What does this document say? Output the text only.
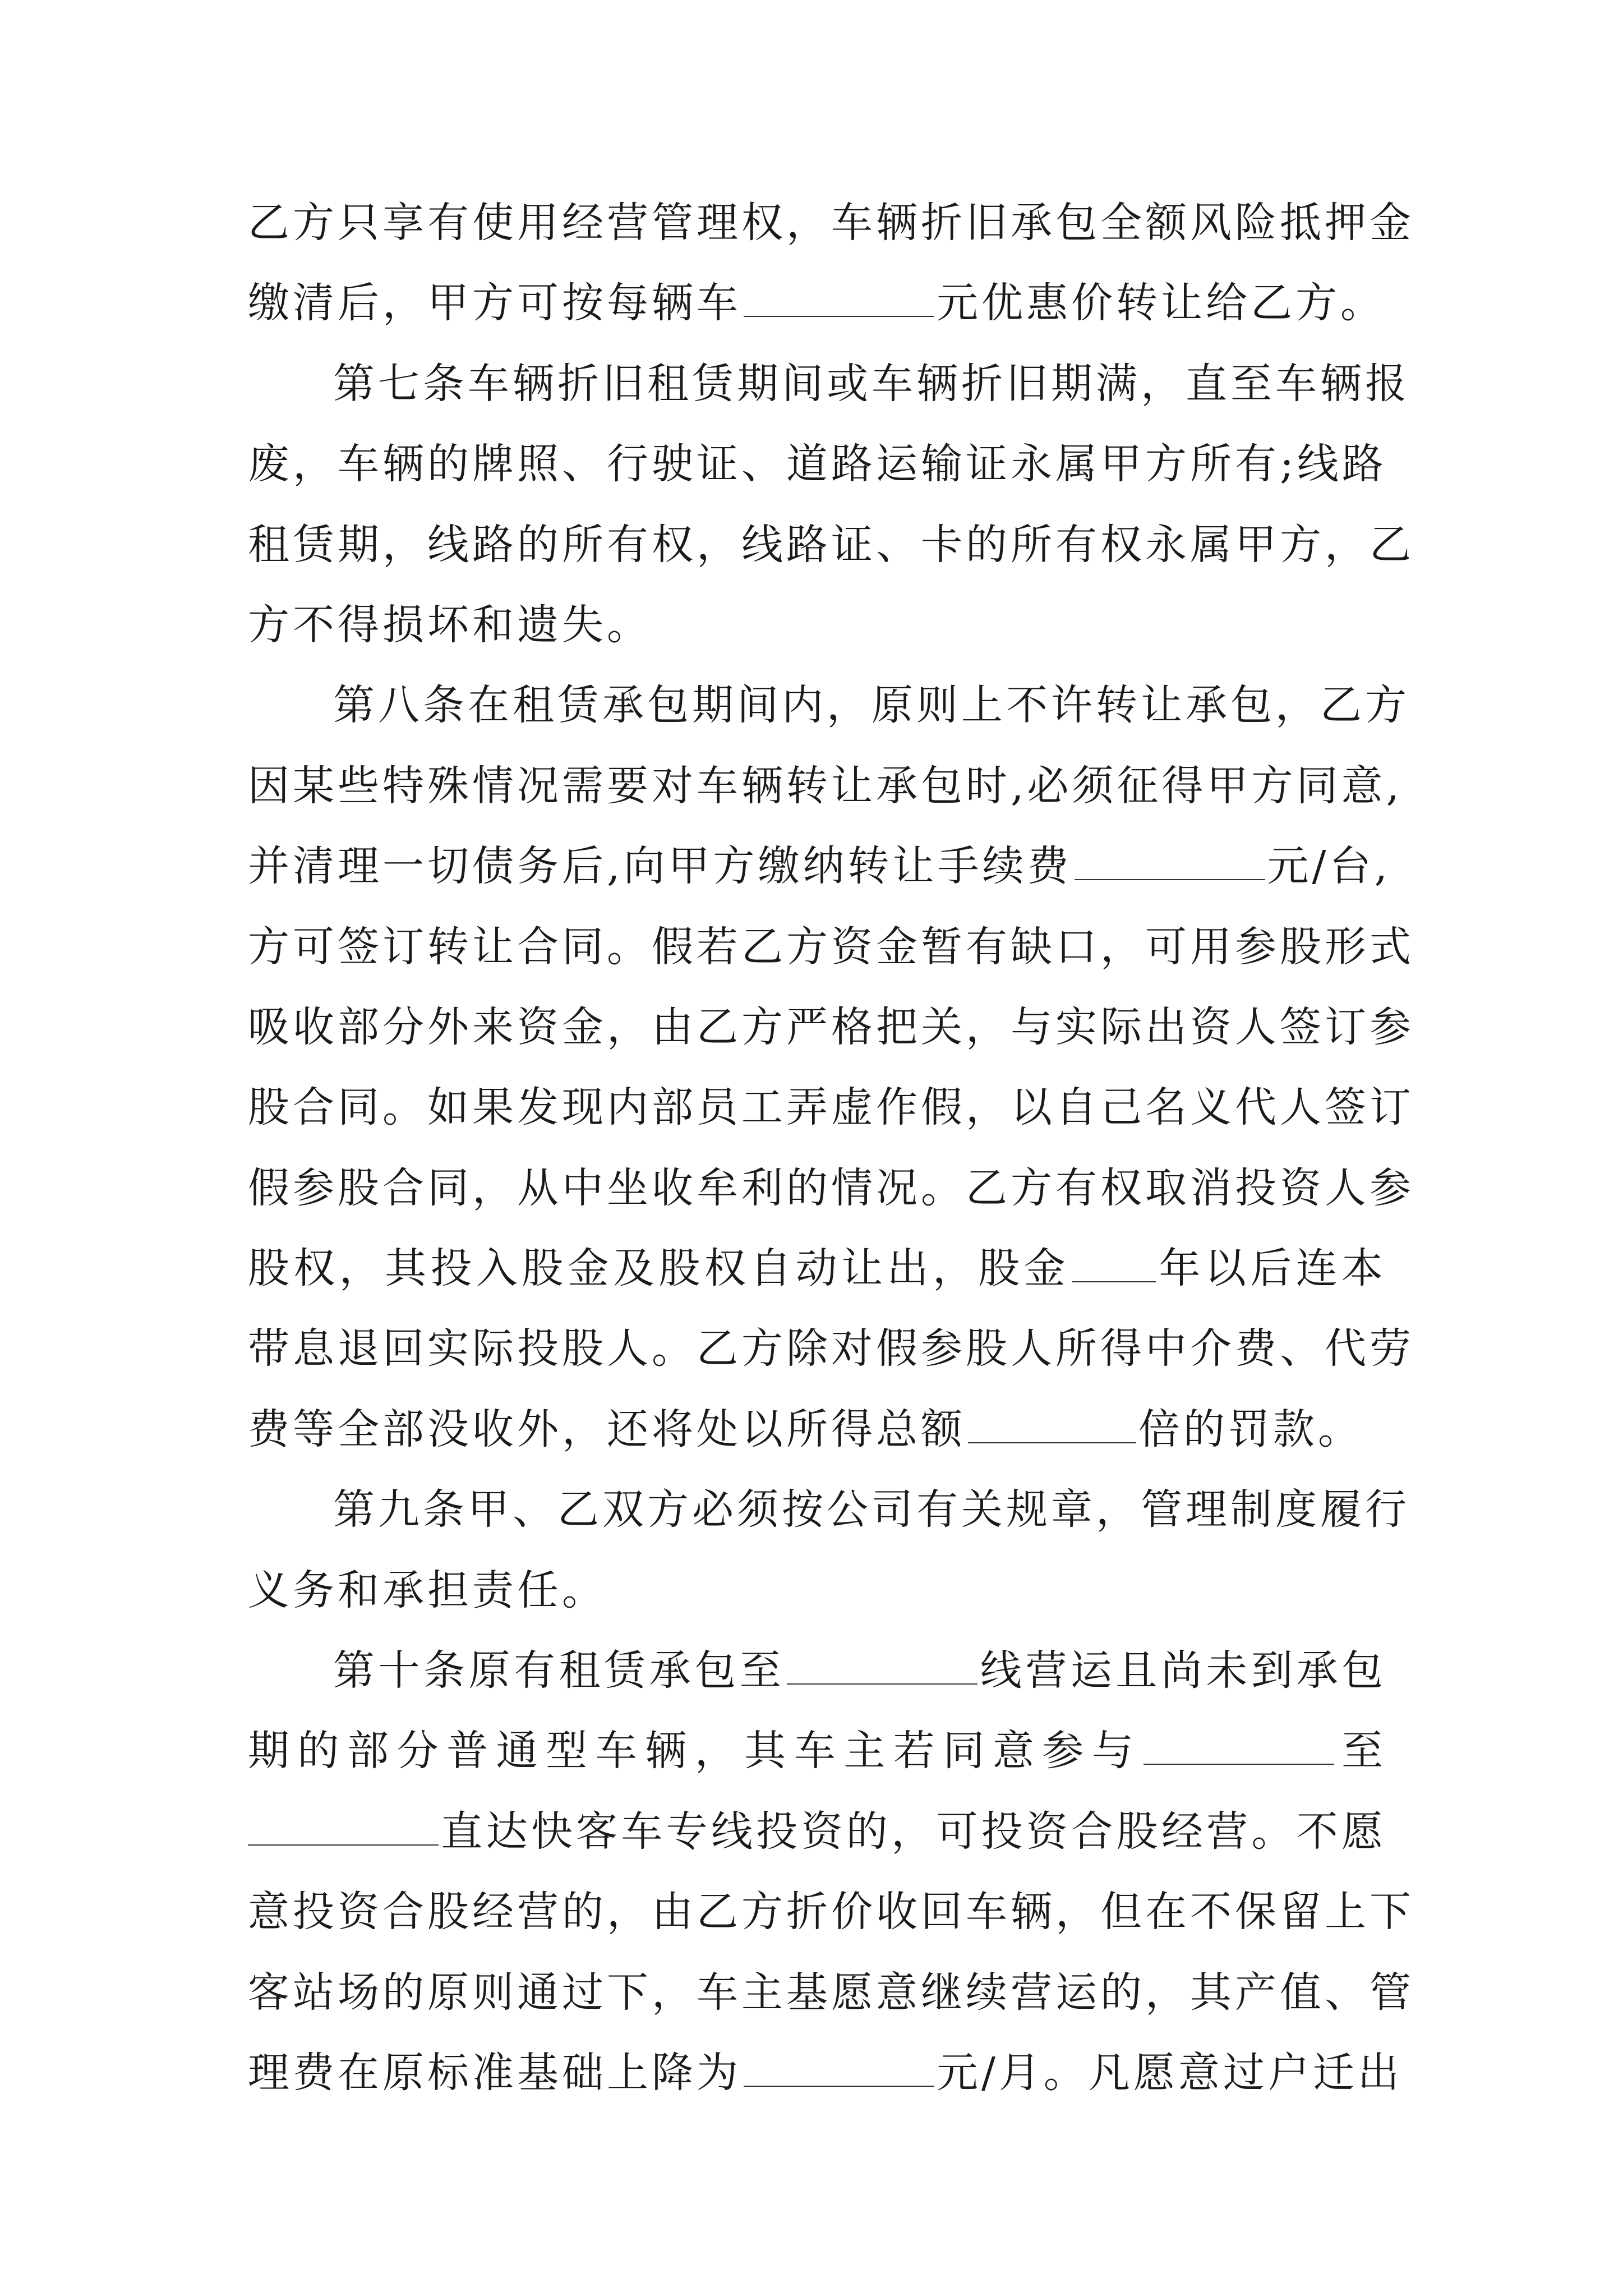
乙方只享有使用经营管理权，车辆折旧承包全额风险抵押金
缴清后，甲方可按每辆车	元优惠价转让给乙方。
第七条车辆折旧租赁期间或车辆折旧期满，直至车辆报
废，车辆的牌照、行驶证、道路运输证永属甲方所有;线路
租赁期，线路的所有权，线路证、卡的所有权永属甲方，乙
方不得损坏和遗失。
第八条在租赁承包期间内，原则上不许转让承包，乙方
因某些特殊情况需要对车辆转让承包时,必须征得甲方同意,
并清理一切债务后,向甲方缴纳转让手续费	元/台,
方可签订转让合同。假若乙方资金暂有缺口，可用参股形式
吸收部分外来资金，由乙方严格把关，与实际出资人签订参
股合同。如果发现内部员工弄虚作假，以自己名义代人签订
假参股合同，从中坐收牟利的情况。乙方有权取消投资人参
股权，其投入股金及股权自动让出，股金 年以后连本
带息退回实际投股人。乙方除对假参股人所得中介费、代劳
费等全部没收外，还将处以所得总额	倍的罚款。
第九条甲、乙双方必须按公司有关规章，管理制度履行
义务和承担责任。
第十条原有租赁承包至	线营运且尚未到承包
期的部分普通型车辆，其车主若同意参与	至
直达快客车专线投资的，可投资合股经营。不愿
意投资合股经营的，由乙方折价收回车辆，但在不保留上下
客站场的原则通过下，车主基愿意继续营运的，其产值、管
理费在原标准基础上降为	元/月。凡愿意过户迁出
